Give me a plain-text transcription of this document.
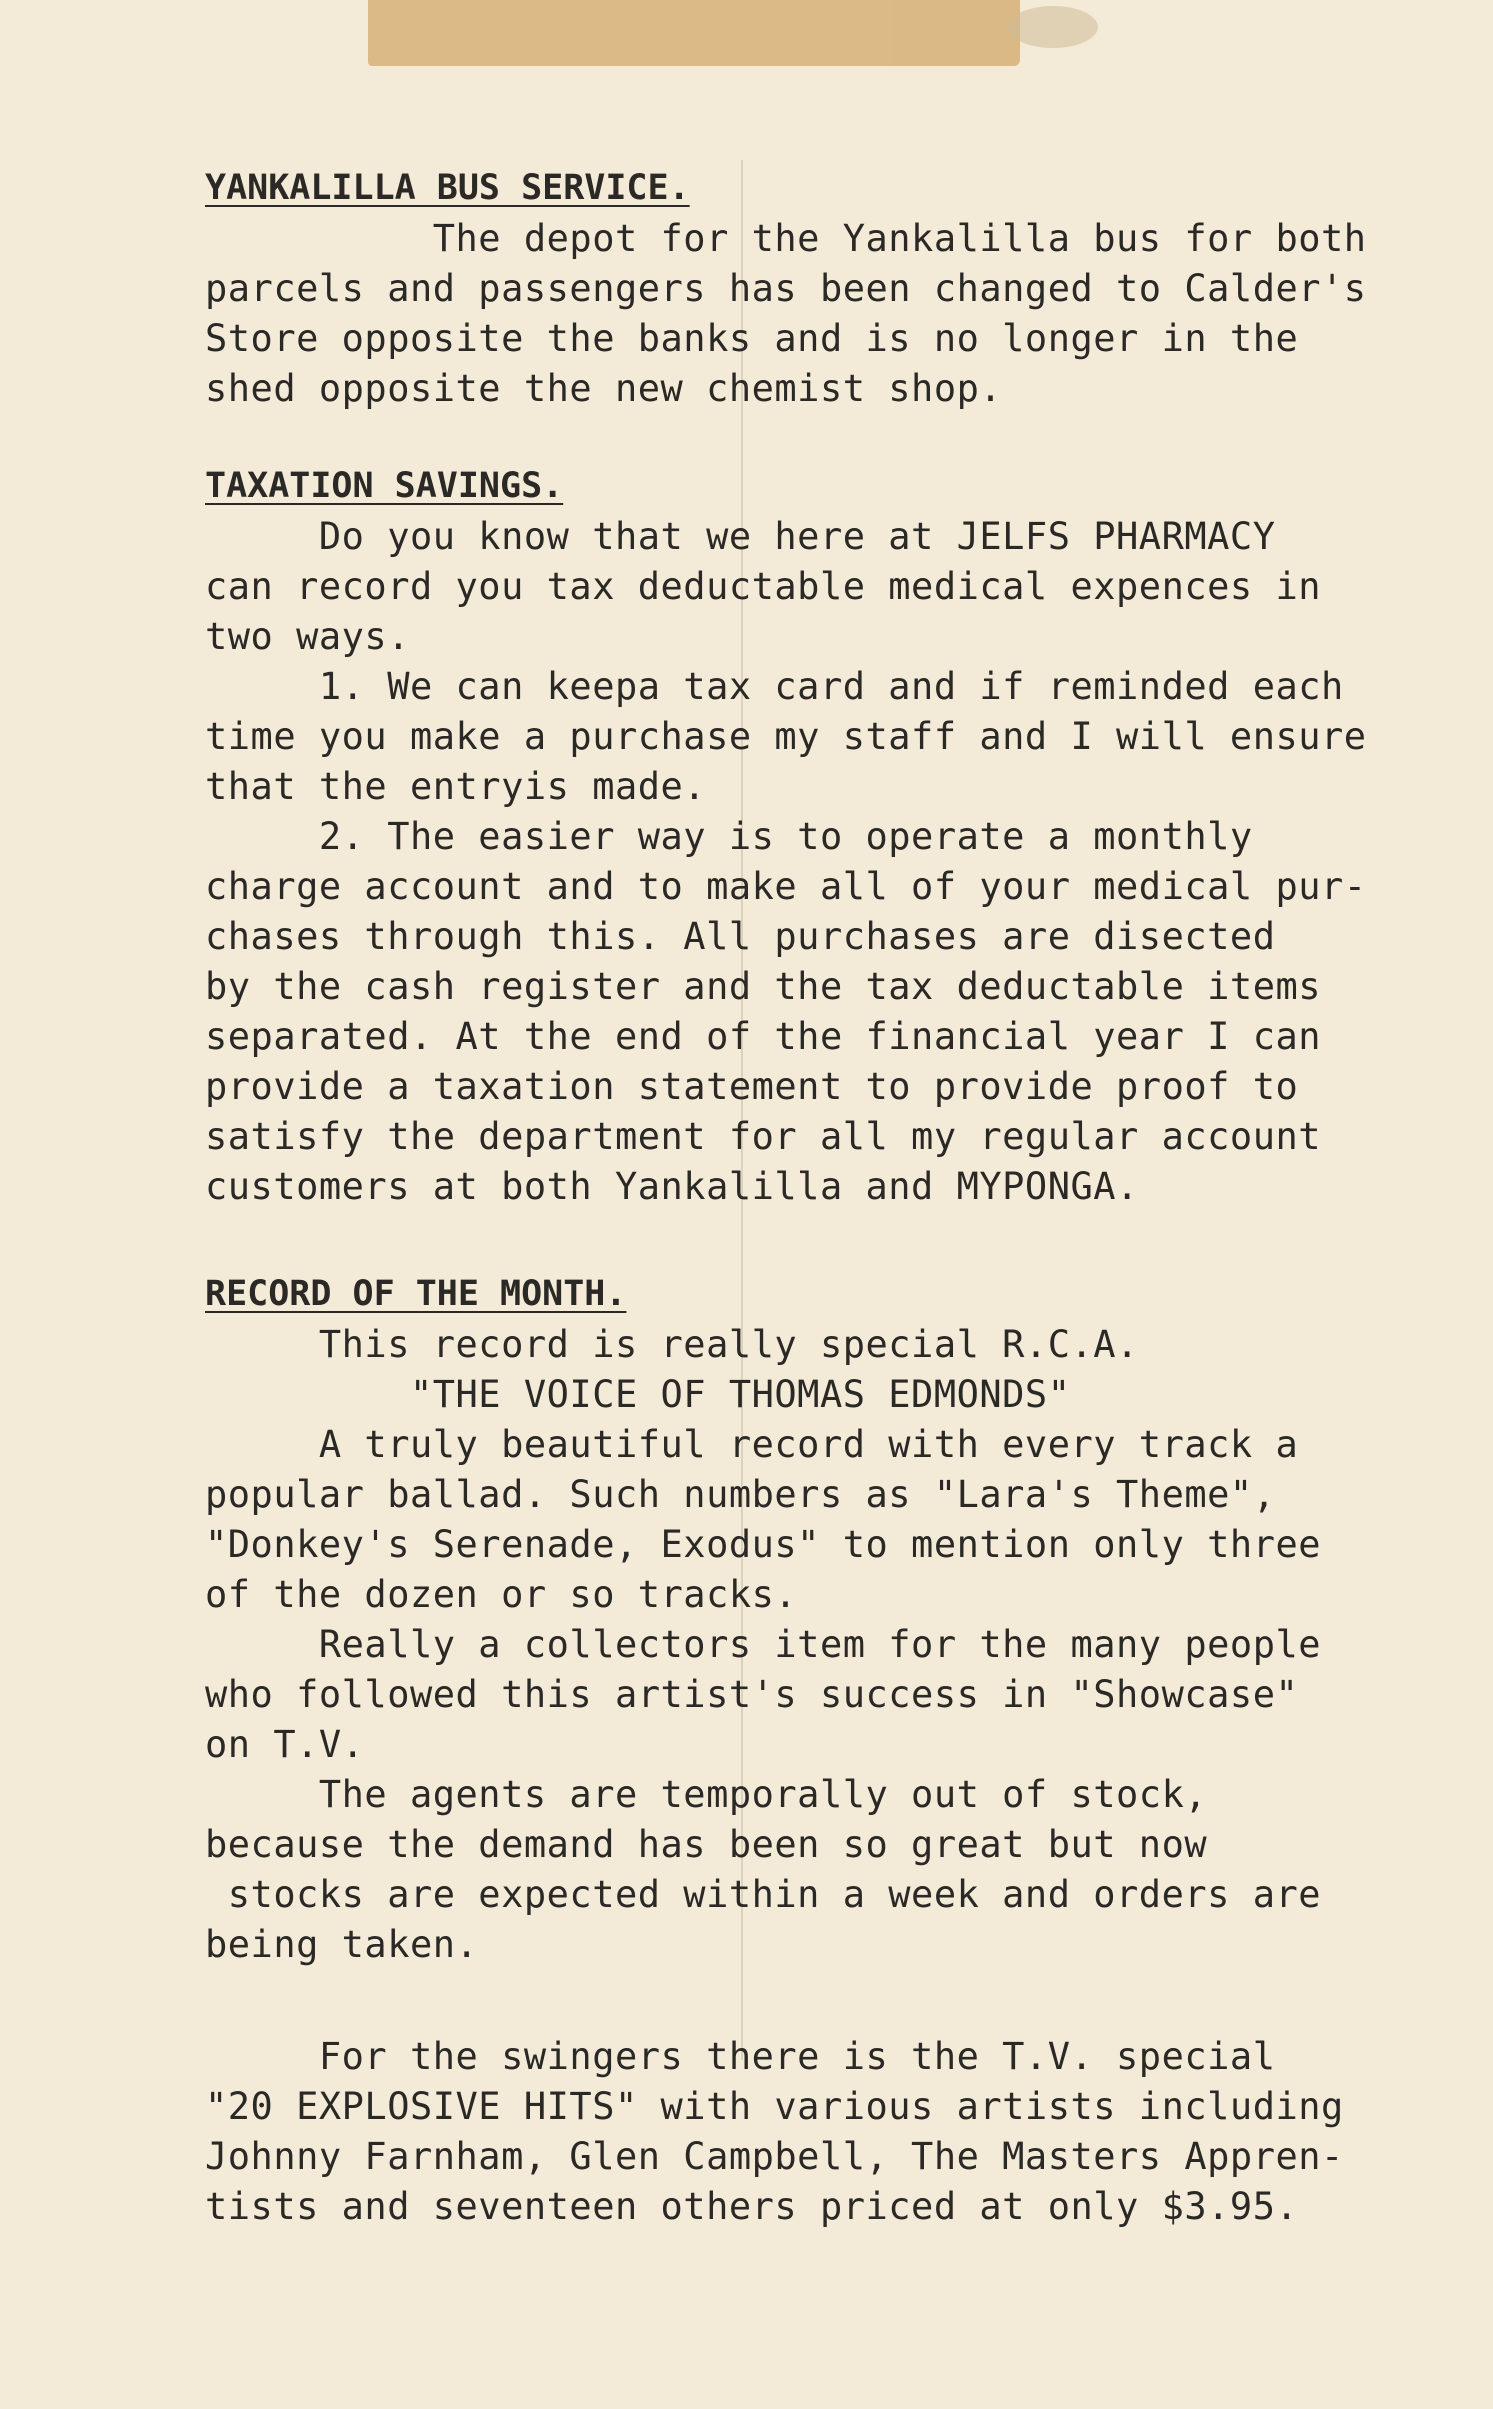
YANKALILLA BUS SERVICE.
The depot for the Yankalilla bus for both
parcels and passengers has been changed to Calder's
Store opposite the banks and is no longer in the
shed opposite the new chemist shop.
TAXATION SAVINGS.
Do you know that we here at JELFS PHARMACY
can record you tax deductable medical expences in
two ways.
1. We can keepa tax card and if reminded each
time you make a purchase my staff and I will ensure
that the entryis made.
2. The easier way is to operate a monthly
charge account and to make all of your medical pur-
chases through this. All purchases are disected
by the cash register and the tax deductable items
separated. At the end of the financial year I can
provide a taxation statement to provide proof to
satisfy the department for all my regular account
customers at both Yankalilla and MYPONGA.
RECORD OF THE MONTH.
This record is really special R.C.A.
"THE VOICE OF THOMAS EDMONDS"
A truly beautiful record with every track a
popular ballad. Such numbers as "Lara's Theme",
"Donkey's Serenade, Exodus" to mention only three
of the dozen or so tracks.
Really a collectors item for the many people
who followed this artist's success in "Showcase"
on T.V.
The agents are temporally out of stock,
because the demand has been so great but now
stocks are expected within a week and orders are
being taken.
For the swingers there is the T.V. special
"20 EXPLOSIVE HITS" with various artists including
Johnny Farnham, Glen Campbell, The Masters Appren-
tists and seventeen others priced at only $3.95.
